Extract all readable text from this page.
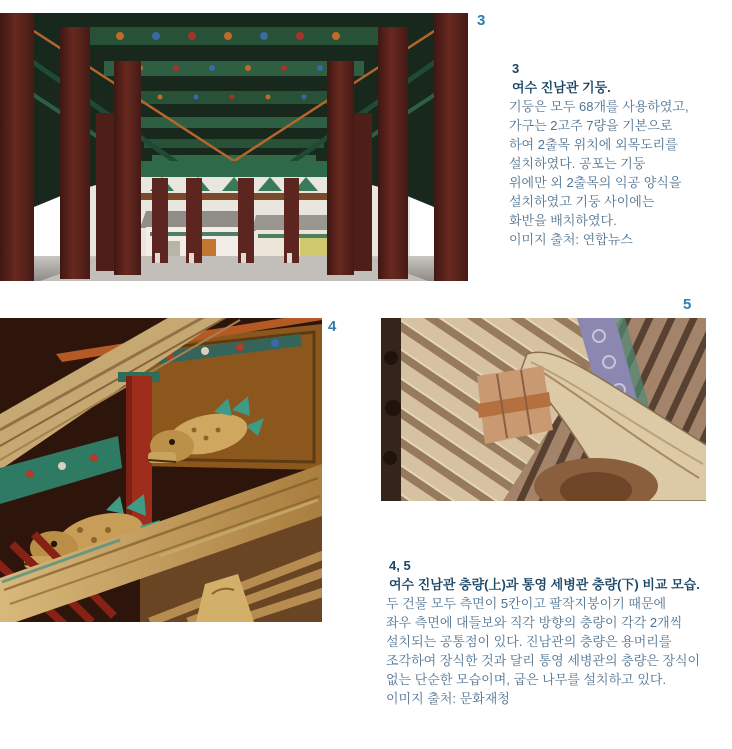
3
4
5
3
여수 진남관 기둥.
기둥은 모두 68개를 사용하였고,
가구는 2고주 7량을 기본으로
하여 2출목 위치에 외목도리를
설치하였다. 공포는 기둥
위에만 외 2출목의 익공 양식을
설치하였고 기둥 사이에는
화반을 배치하였다.
이미지 출처: 연합뉴스
4, 5
여수 진남관 충량(上)과 통영 세병관 충량(下) 비교 모습.
두 건물 모두 측면이 5칸이고 팔작지붕이기 때문에
좌우 측면에 대들보와 직각 방향의 충량이 각각 2개씩
설치되는 공통점이 있다. 진남관의 충량은 용머리를
조각하여 장식한 것과 달리 통영 세병관의 충량은 장식이
없는 단순한 모습이며, 굽은 나무를 설치하고 있다.
이미지 출처: 문화재청
